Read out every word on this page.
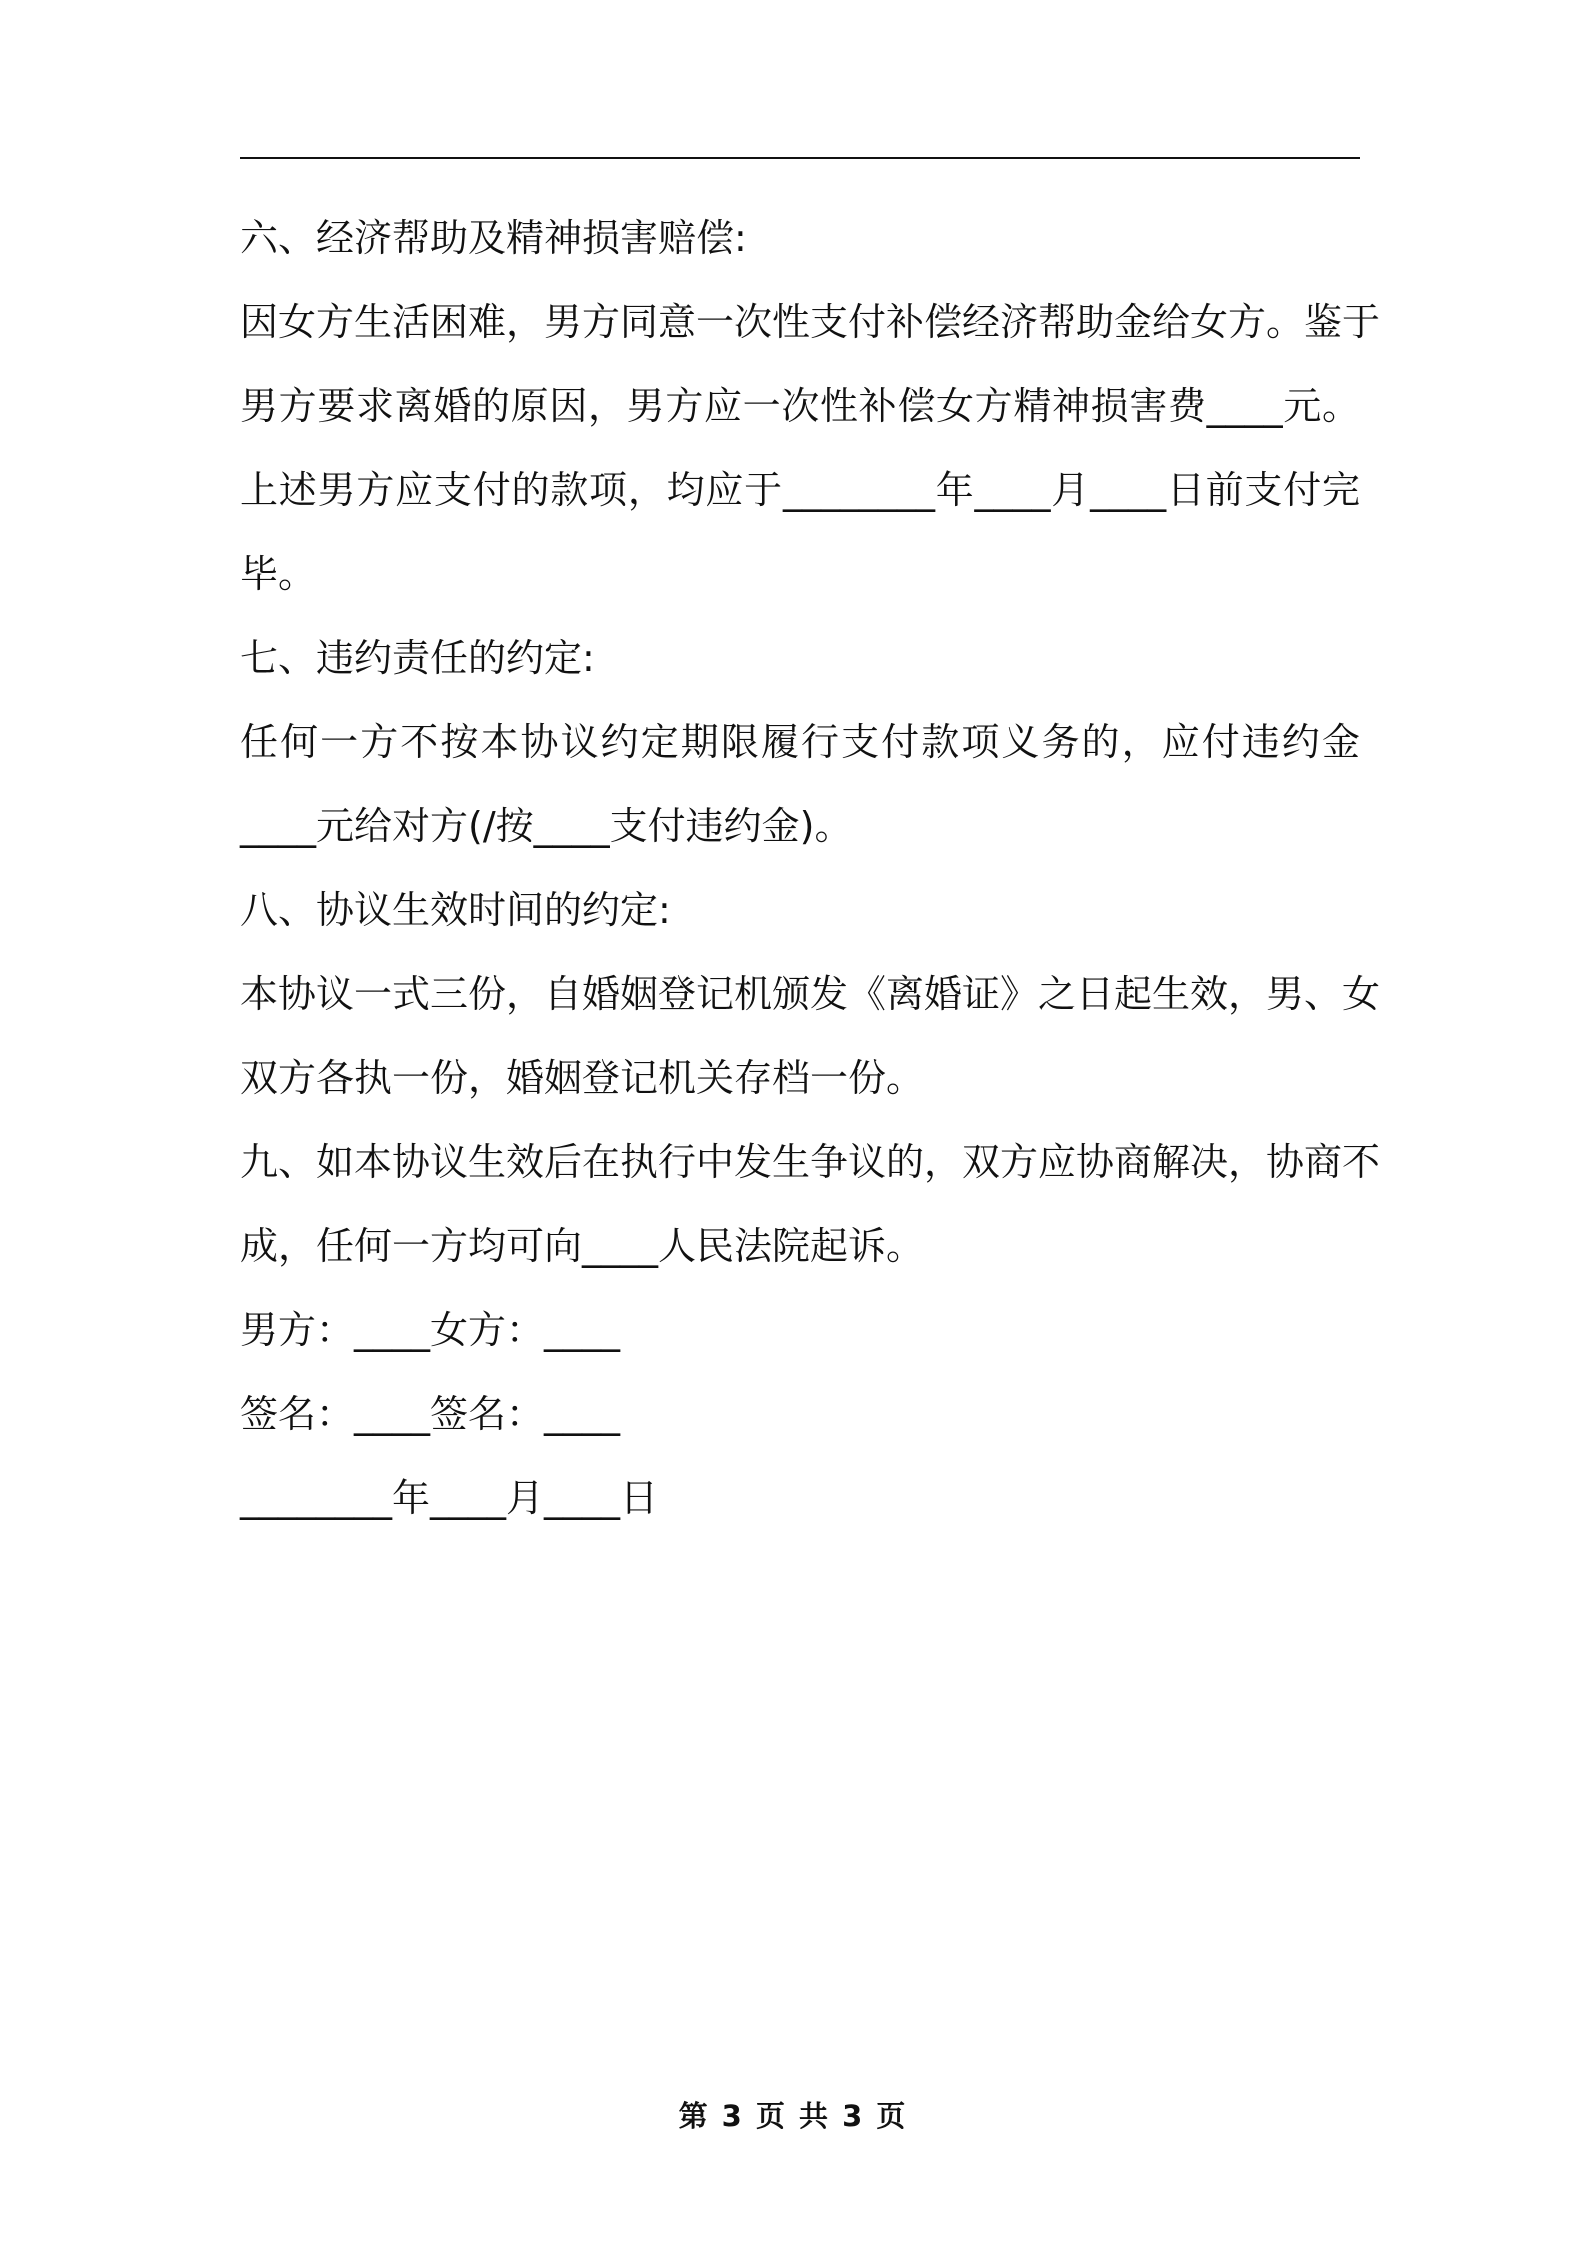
六、经济帮助及精神损害赔偿:
因女方生活困难，男方同意一次性支付补偿经济帮助金给女方。鉴于
男方要求离婚的原因，男方应一次性补偿女方精神损害费____元。
上述男方应支付的款项，均应于________年____月____日前支付完
毕。
七、违约责任的约定:
任何一方不按本协议约定期限履行支付款项义务的，应付违约金
____元给对方(/按____支付违约金)。
八、协议生效时间的约定:
本协议一式三份，自婚姻登记机颁发《离婚证》之日起生效，男、女
双方各执一份，婚姻登记机关存档一份。
九、如本协议生效后在执行中发生争议的，双方应协商解决，协商不
成，任何一方均可向____人民法院起诉。
男方：____女方：____
签名：____签名：____
________年____月____日
第 3 页 共 3 页
